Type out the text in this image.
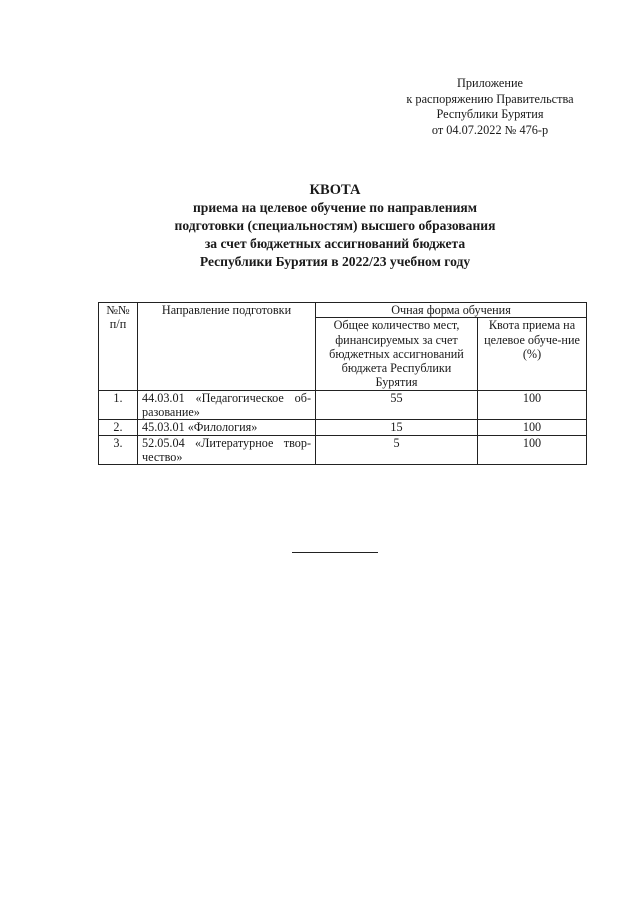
Приложение
к распоряжению Правительства
Республики Бурятия
от 04.07.2022 № 476-р
КВОТА
приема на целевое обучение по направлениям
подготовки (специальностям) высшего образования
за счет бюджетных ассигнований бюджета
Республики Бурятия в 2022/23 учебном году
№№ п/п	Направление подготовки	Очная форма обучения	
		Общее количество мест, финансируемых за счет бюджетных ассигнований бюджета Республики Бурятия	Квота приема на целевое обуче-ние (%)
1.	44.03.01 «Педагогическое об-разование»	55	100
2.	45.03.01 «Филология»	15	100
3.	52.05.04 «Литературное твор-чество»	5	100
